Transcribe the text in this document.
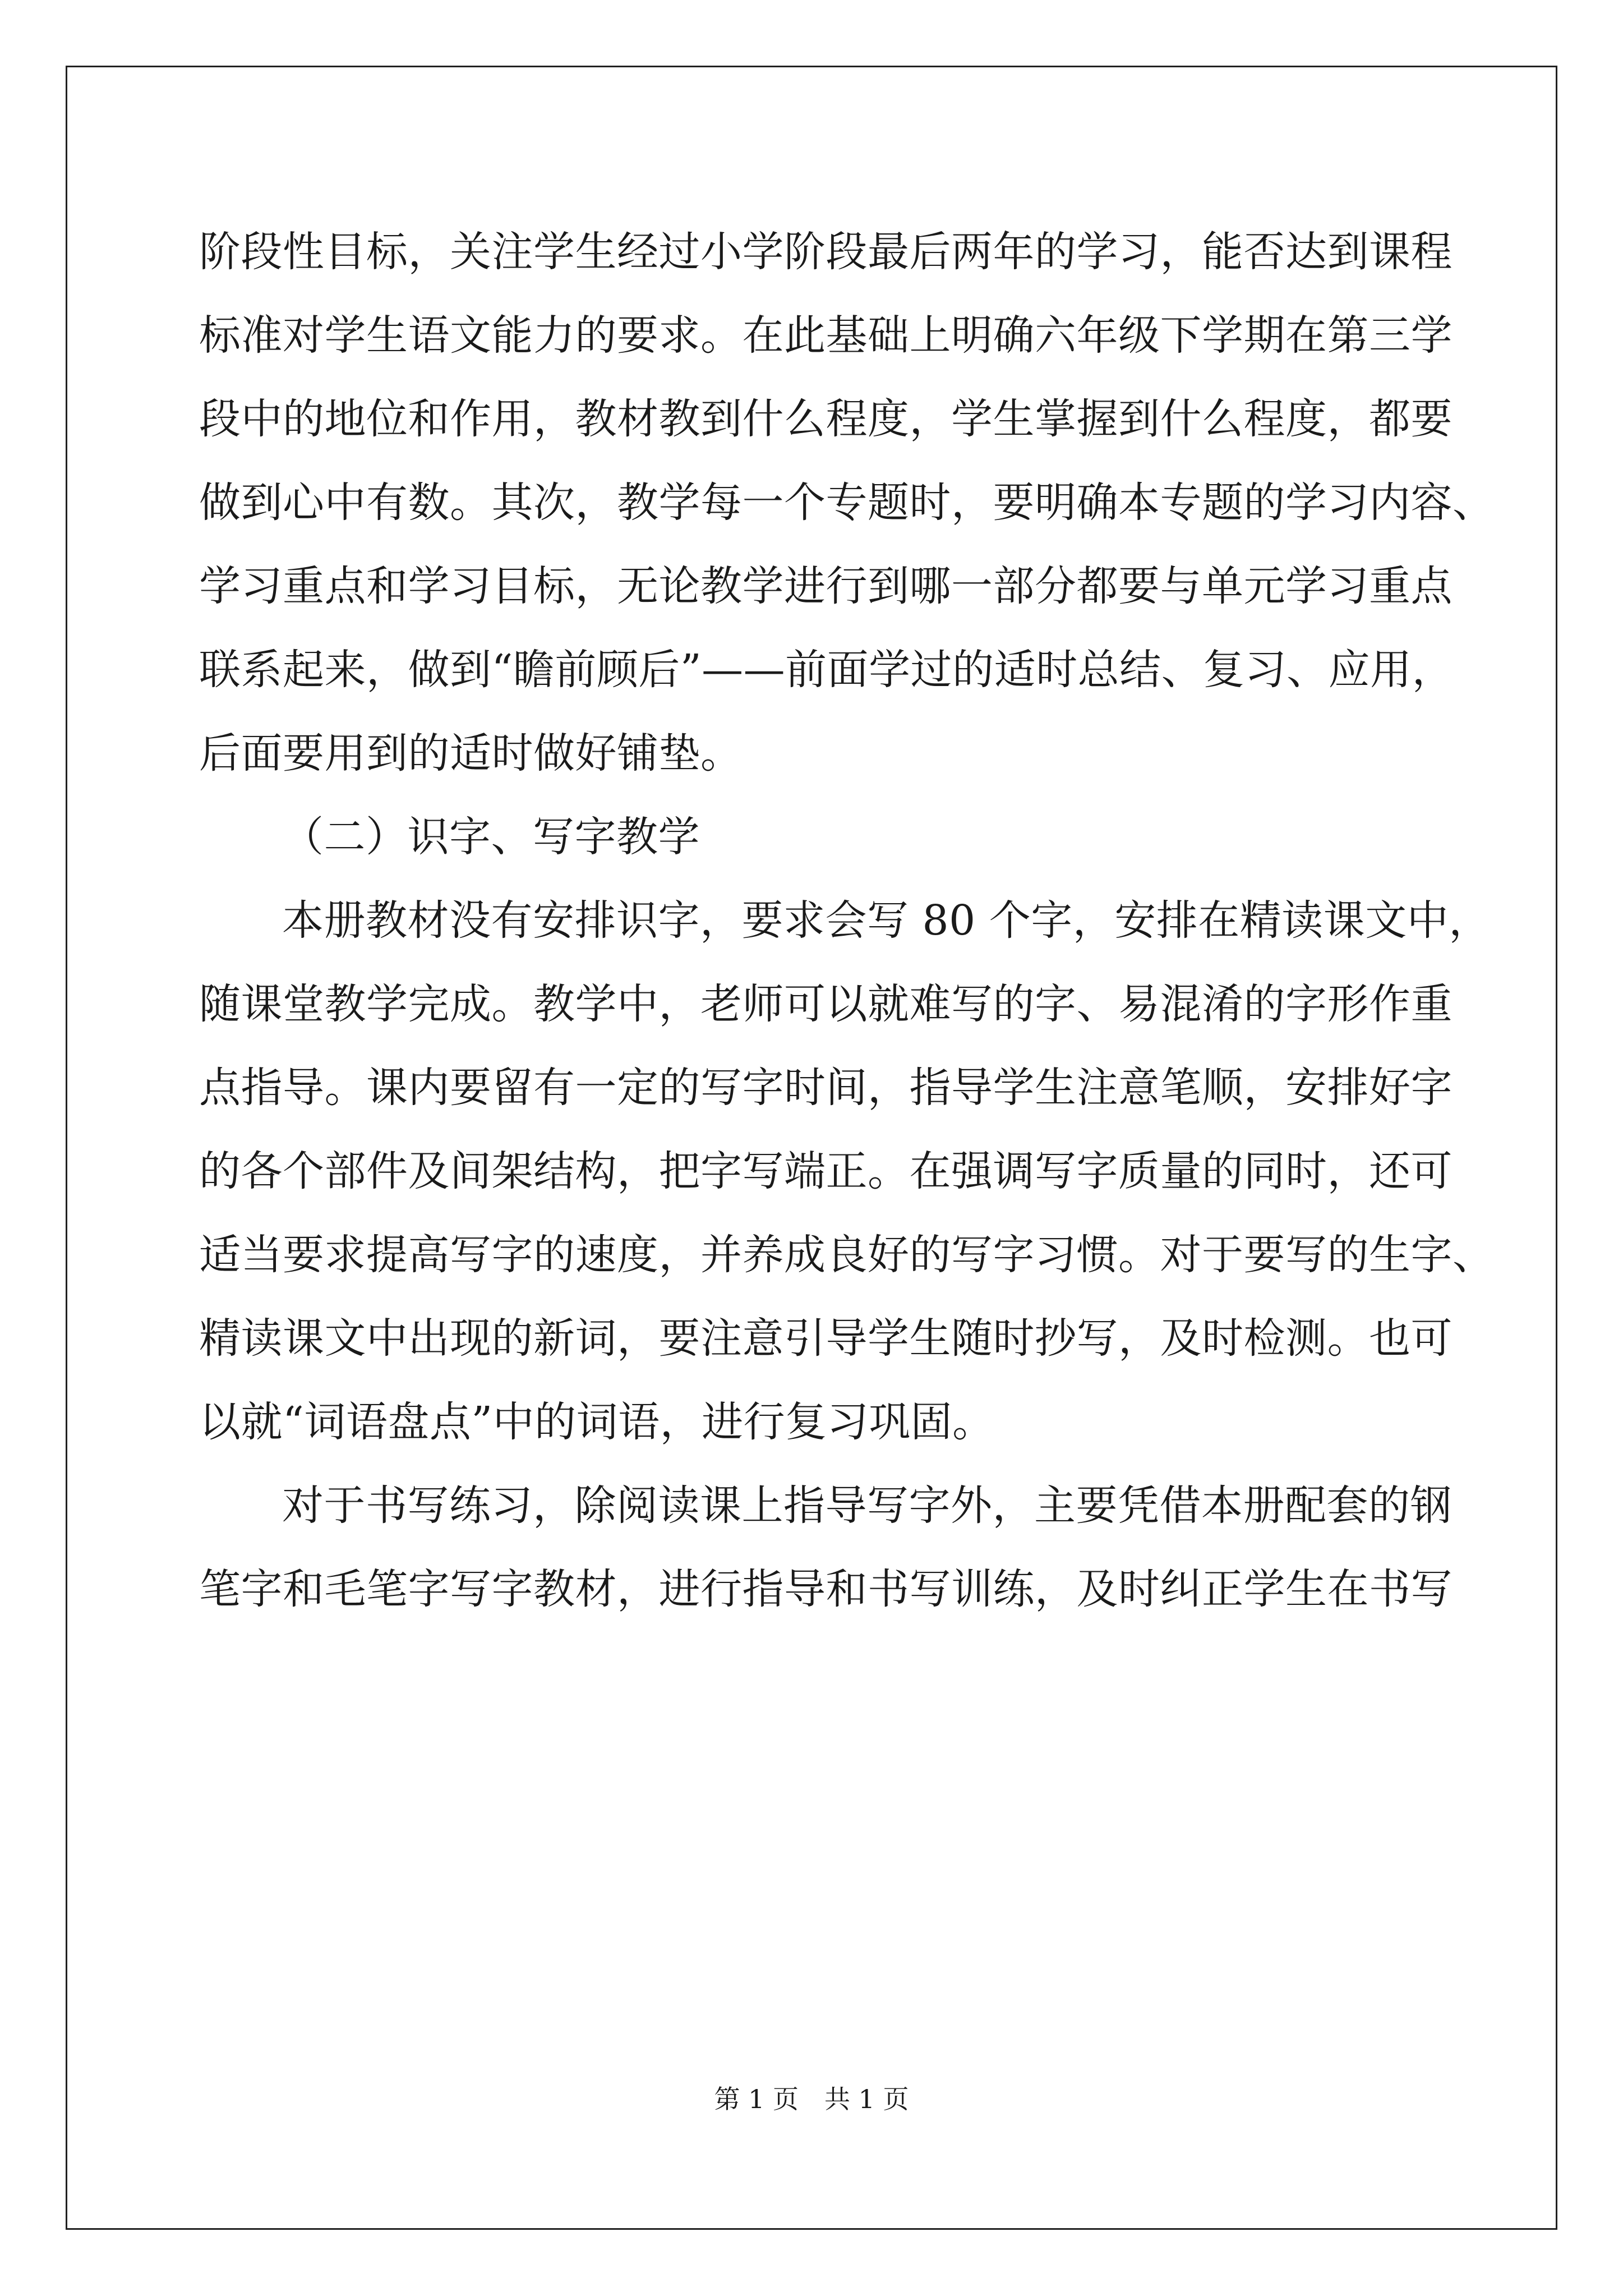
阶段性目标，关注学生经过小学阶段最后两年的学习，能否达到课程
标准对学生语文能力的要求。在此基础上明确六年级下学期在第三学
段中的地位和作用，教材教到什么程度，学生掌握到什么程度，都要
做到心中有数。其次，教学每一个专题时，要明确本专题的学习内容、
学习重点和学习目标，无论教学进行到哪一部分都要与单元学习重点
联系起来，做到“瞻前顾后”——前面学过的适时总结、复习、应用，
后面要用到的适时做好铺垫。
（二）识字、写字教学
本册教材没有安排识字，要求会写 80 个字，安排在精读课文中，
随课堂教学完成。教学中，老师可以就难写的字、易混淆的字形作重
点指导。课内要留有一定的写字时间，指导学生注意笔顺，安排好字
的各个部件及间架结构，把字写端正。在强调写字质量的同时，还可
适当要求提高写字的速度，并养成良好的写字习惯。对于要写的生字、
精读课文中出现的新词，要注意引导学生随时抄写，及时检测。也可
以就“词语盘点”中的词语，进行复习巩固。
对于书写练习，除阅读课上指导写字外，主要凭借本册配套的钢
笔字和毛笔字写字教材，进行指导和书写训练，及时纠正学生在书写
第 1 页　共 1 页
